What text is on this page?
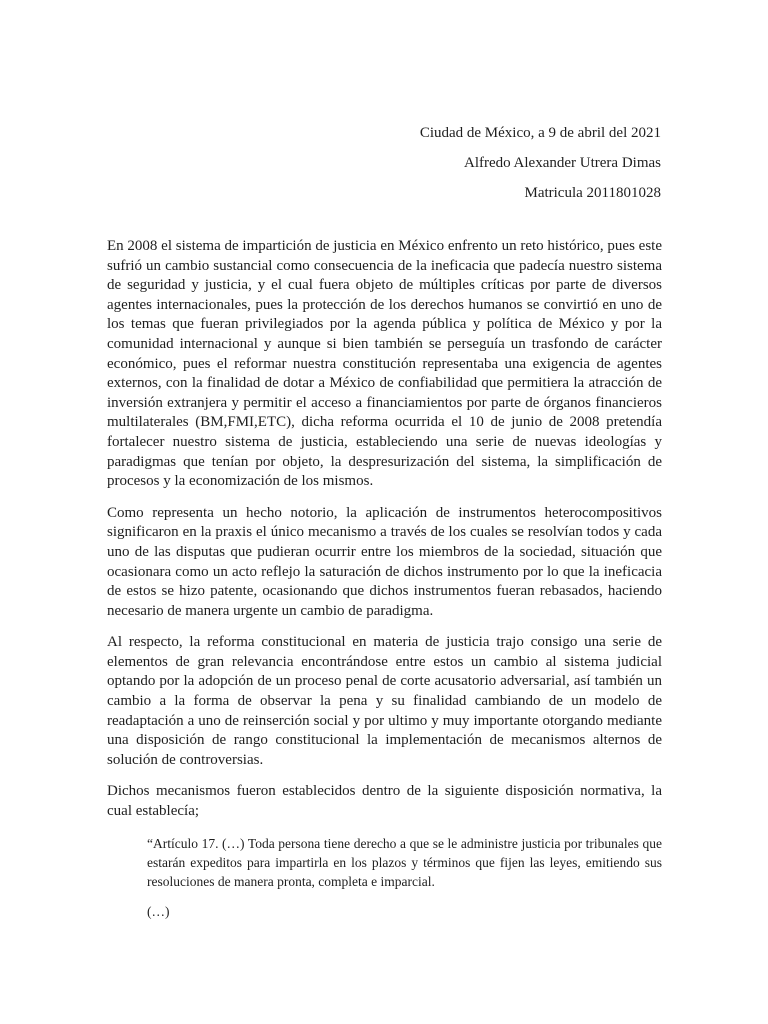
Ciudad de México, a 9 de abril del 2021
Alfredo Alexander Utrera Dimas
Matricula 2011801028

En 2008 el sistema de impartición de justicia en México enfrento un reto histórico, pues este sufrió un cambio sustancial como consecuencia de la ineficacia que padecía nuestro sistema de seguridad y justicia, y el cual fuera objeto de múltiples críticas por parte de diversos agentes internacionales, pues la protección de los derechos humanos se convirtió en uno de los temas que fueran privilegiados por la agenda pública y política de México y por la comunidad internacional y aunque si bien también se perseguía un trasfondo de carácter económico, pues el reformar nuestra constitución representaba una exigencia de agentes externos, con la finalidad de dotar a México de confiabilidad que permitiera la atracción de inversión extranjera y permitir el acceso a financiamientos por parte de órganos financieros multilaterales (BM,FMI,ETC), dicha reforma ocurrida el 10 de junio de 2008 pretendía fortalecer nuestro sistema de justicia, estableciendo una serie de nuevas ideologías y paradigmas que tenían por objeto, la despresurización del sistema, la simplificación de procesos y la economización de los mismos.

Como representa un hecho notorio, la aplicación de instrumentos heterocompositivos significaron en la praxis el único mecanismo a través de los cuales se resolvían todos y cada uno de las disputas que pudieran ocurrir entre los miembros de la sociedad, situación que ocasionara como un acto reflejo la saturación de dichos instrumento por lo que la ineficacia de estos se hizo patente, ocasionando que dichos instrumentos fueran rebasados, haciendo necesario de manera urgente un cambio de paradigma.

Al respecto, la reforma constitucional en materia de justicia trajo consigo una serie de elementos de gran relevancia encontrándose entre estos un cambio al sistema judicial optando por la adopción de un proceso penal de corte acusatorio adversarial, así también un cambio a la forma de observar la pena y su finalidad cambiando de un modelo de readaptación a uno de reinserción social y por ultimo y muy importante otorgando mediante una disposición de rango constitucional la implementación de mecanismos alternos de solución de controversias.

Dichos mecanismos fueron establecidos dentro de la siguiente disposición normativa, la cual establecía;

“Artículo 17. (…) Toda persona tiene derecho a que se le administre justicia por tribunales que estarán expeditos para impartirla en los plazos y términos que fijen las leyes, emitiendo sus resoluciones de manera pronta, completa e imparcial.

(…)
